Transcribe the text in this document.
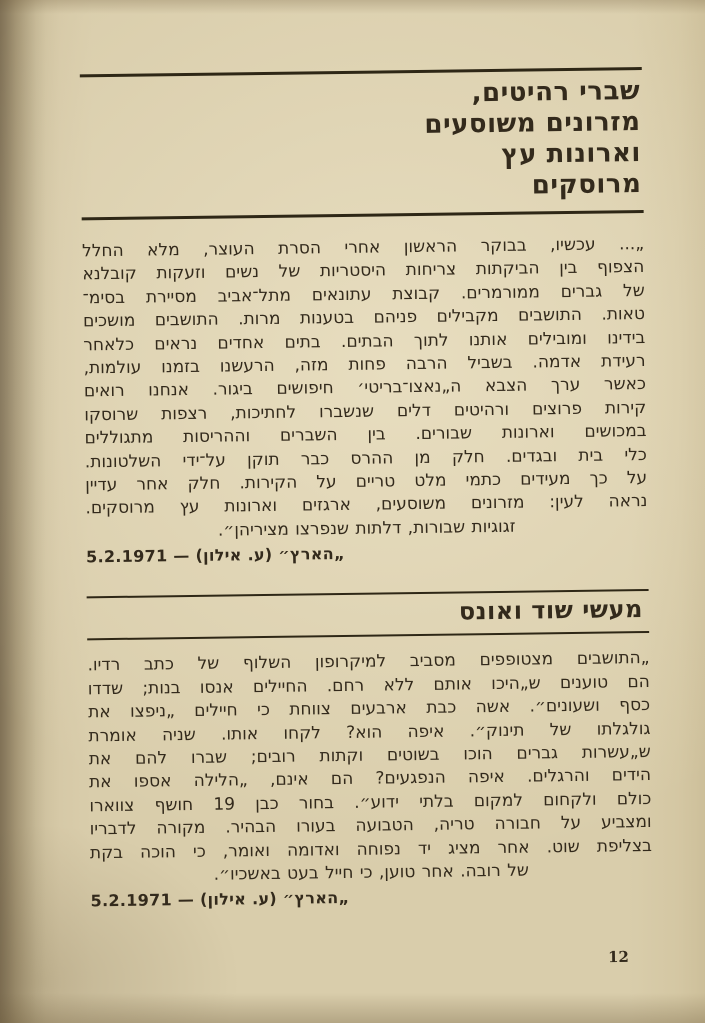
שברי רהיטים,
מזרונים משוסעים
וארונות עץ
מרוסקים
„... עכשיו, בבוקר הראשון אחרי הסרת העוצר, מלא החלל
הצפוף בין הביקתות צריחות היסטריות של נשים וזעקות קובלנא
של גברים ממורמרים. קבוצת עתונאים מתל־אביב מסיירת בסימ־
טאות. התושבים מקבילים פניהם בטענות מרות. התושבים מושכים
בידינו ומובילים אותנו לתוך הבתים. בתים אחדים נראים כלאחר
רעידת אדמה. בשביל הרבה פחות מזה, הרעשנו בזמנו עולמות,
כאשר ערך הצבא ה„נאצו־בריטי׳ חיפושים ביגור. אנחנו רואים
קירות פרוצים ורהיטים דלים שנשברו לחתיכות, רצפות שרוסקו
במכושים וארונות שבורים. בין השברים וההריסות מתגוללים
כלי בית ובגדים. חלק מן ההרס כבר תוקן על־ידי השלטונות.
על כך מעידים כתמי מלט טריים על הקירות. חלק אחר עדיין
נראה לעין: מזרונים משוסעים, ארגזים וארונות עץ מרוסקים.
זגוגיות שבורות, דלתות שנפרצו מציריהן״.
„הארץ״ (ע. אילון) — 5.2.1971
מעשי שוד ואונס
„התושבים מצטופפים מסביב למיקרופון השלוף של כתב רדיו.
הם טוענים ש„היכו אותם ללא רחם. החיילים אנסו בנות; שדדו
כסף ושעונים״. אשה כבת ארבעים צווחת כי חיילים „ניפצו את
גולגלתו של תינוק״. איפה הוא? לקחו אותו. שניה אומרת
ש„עשרות גברים הוכו בשוטים וקתות רובים; שברו להם את
הידים והרגלים. איפה הנפגעים? הם אינם, „הלילה אספו את
כולם ולקחום למקום בלתי ידוע״. בחור כבן 19 חושף צווארו
ומצביע על חבורה טריה, הטבועה בעורו הבהיר. מקורה לדבריו
בצליפת שוט. אחר מציג יד נפוחה ואדומה ואומר, כי הוכה בקת
של רובה. אחר טוען, כי חייל בעט באשכיו״.
„הארץ״ (ע. אילון) — 5.2.1971
12
